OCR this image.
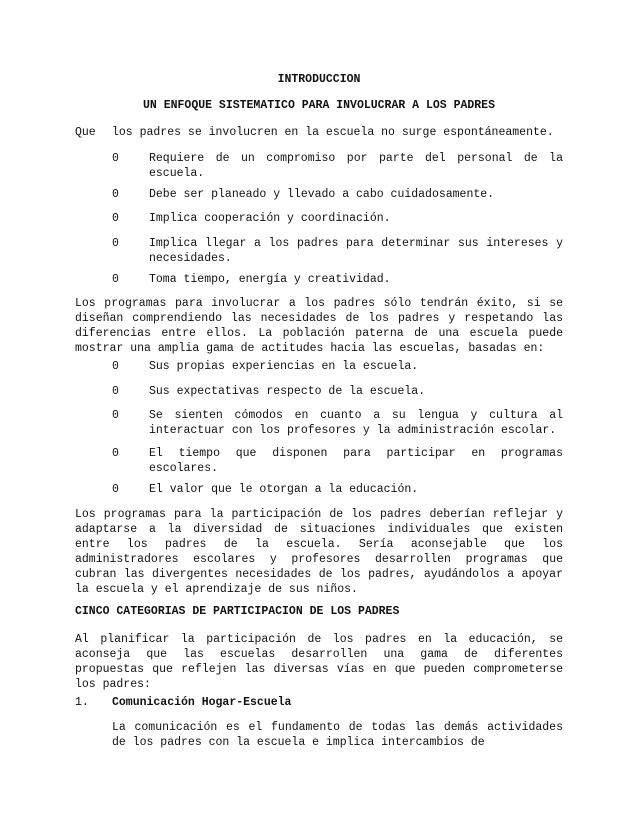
INTRODUCCION
UN ENFOQUE SISTEMATICO PARA INVOLUCRAR A LOS PADRES
Que los padres se involucren en la escuela no surge espontáneamente.
0	Requiere de un compromiso por parte del personal de la escuela.
0	Debe ser planeado y llevado a cabo cuidadosamente.
0	Implica cooperación y coordinación.
0	Implica llegar a los padres para determinar sus intereses y necesidades.
0	Toma tiempo, energía y creatividad.
Los programas para involucrar a los padres sólo tendrán éxito, si se diseñan comprendiendo las necesidades de los padres y respetando las diferencias entre ellos. La población paterna de una escuela puede mostrar una amplia gama de actitudes hacia las escuelas, basadas en:
0	Sus propias experiencias en la escuela.
0	Sus expectativas respecto de la escuela.
0	Se sienten cómodos en cuanto a su lengua y cultura al interactuar con los profesores y la administración escolar.
0	El tiempo que disponen para participar en programas escolares.
0	El valor que le otorgan a la educación.
Los programas para la participación de los padres deberían reflejar y adaptarse a la diversidad de situaciones individuales que existen entre los padres de la escuela. Sería aconsejable que los administradores escolares y profesores desarrollen programas que cubran las divergentes necesidades de los padres, ayudándolos a apoyar la escuela y el aprendizaje de sus niños.
CINCO CATEGORIAS DE PARTICIPACION DE LOS PADRES
Al planificar la participación de los padres en la educación, se aconseja que las escuelas desarrollen una gama de diferentes propuestas que reflejen las diversas vías en que pueden comprometerse los padres:
1. Comunicación Hogar-Escuela
La comunicación es el fundamento de todas las demás actividades de los padres con la escuela e implica intercambios de
